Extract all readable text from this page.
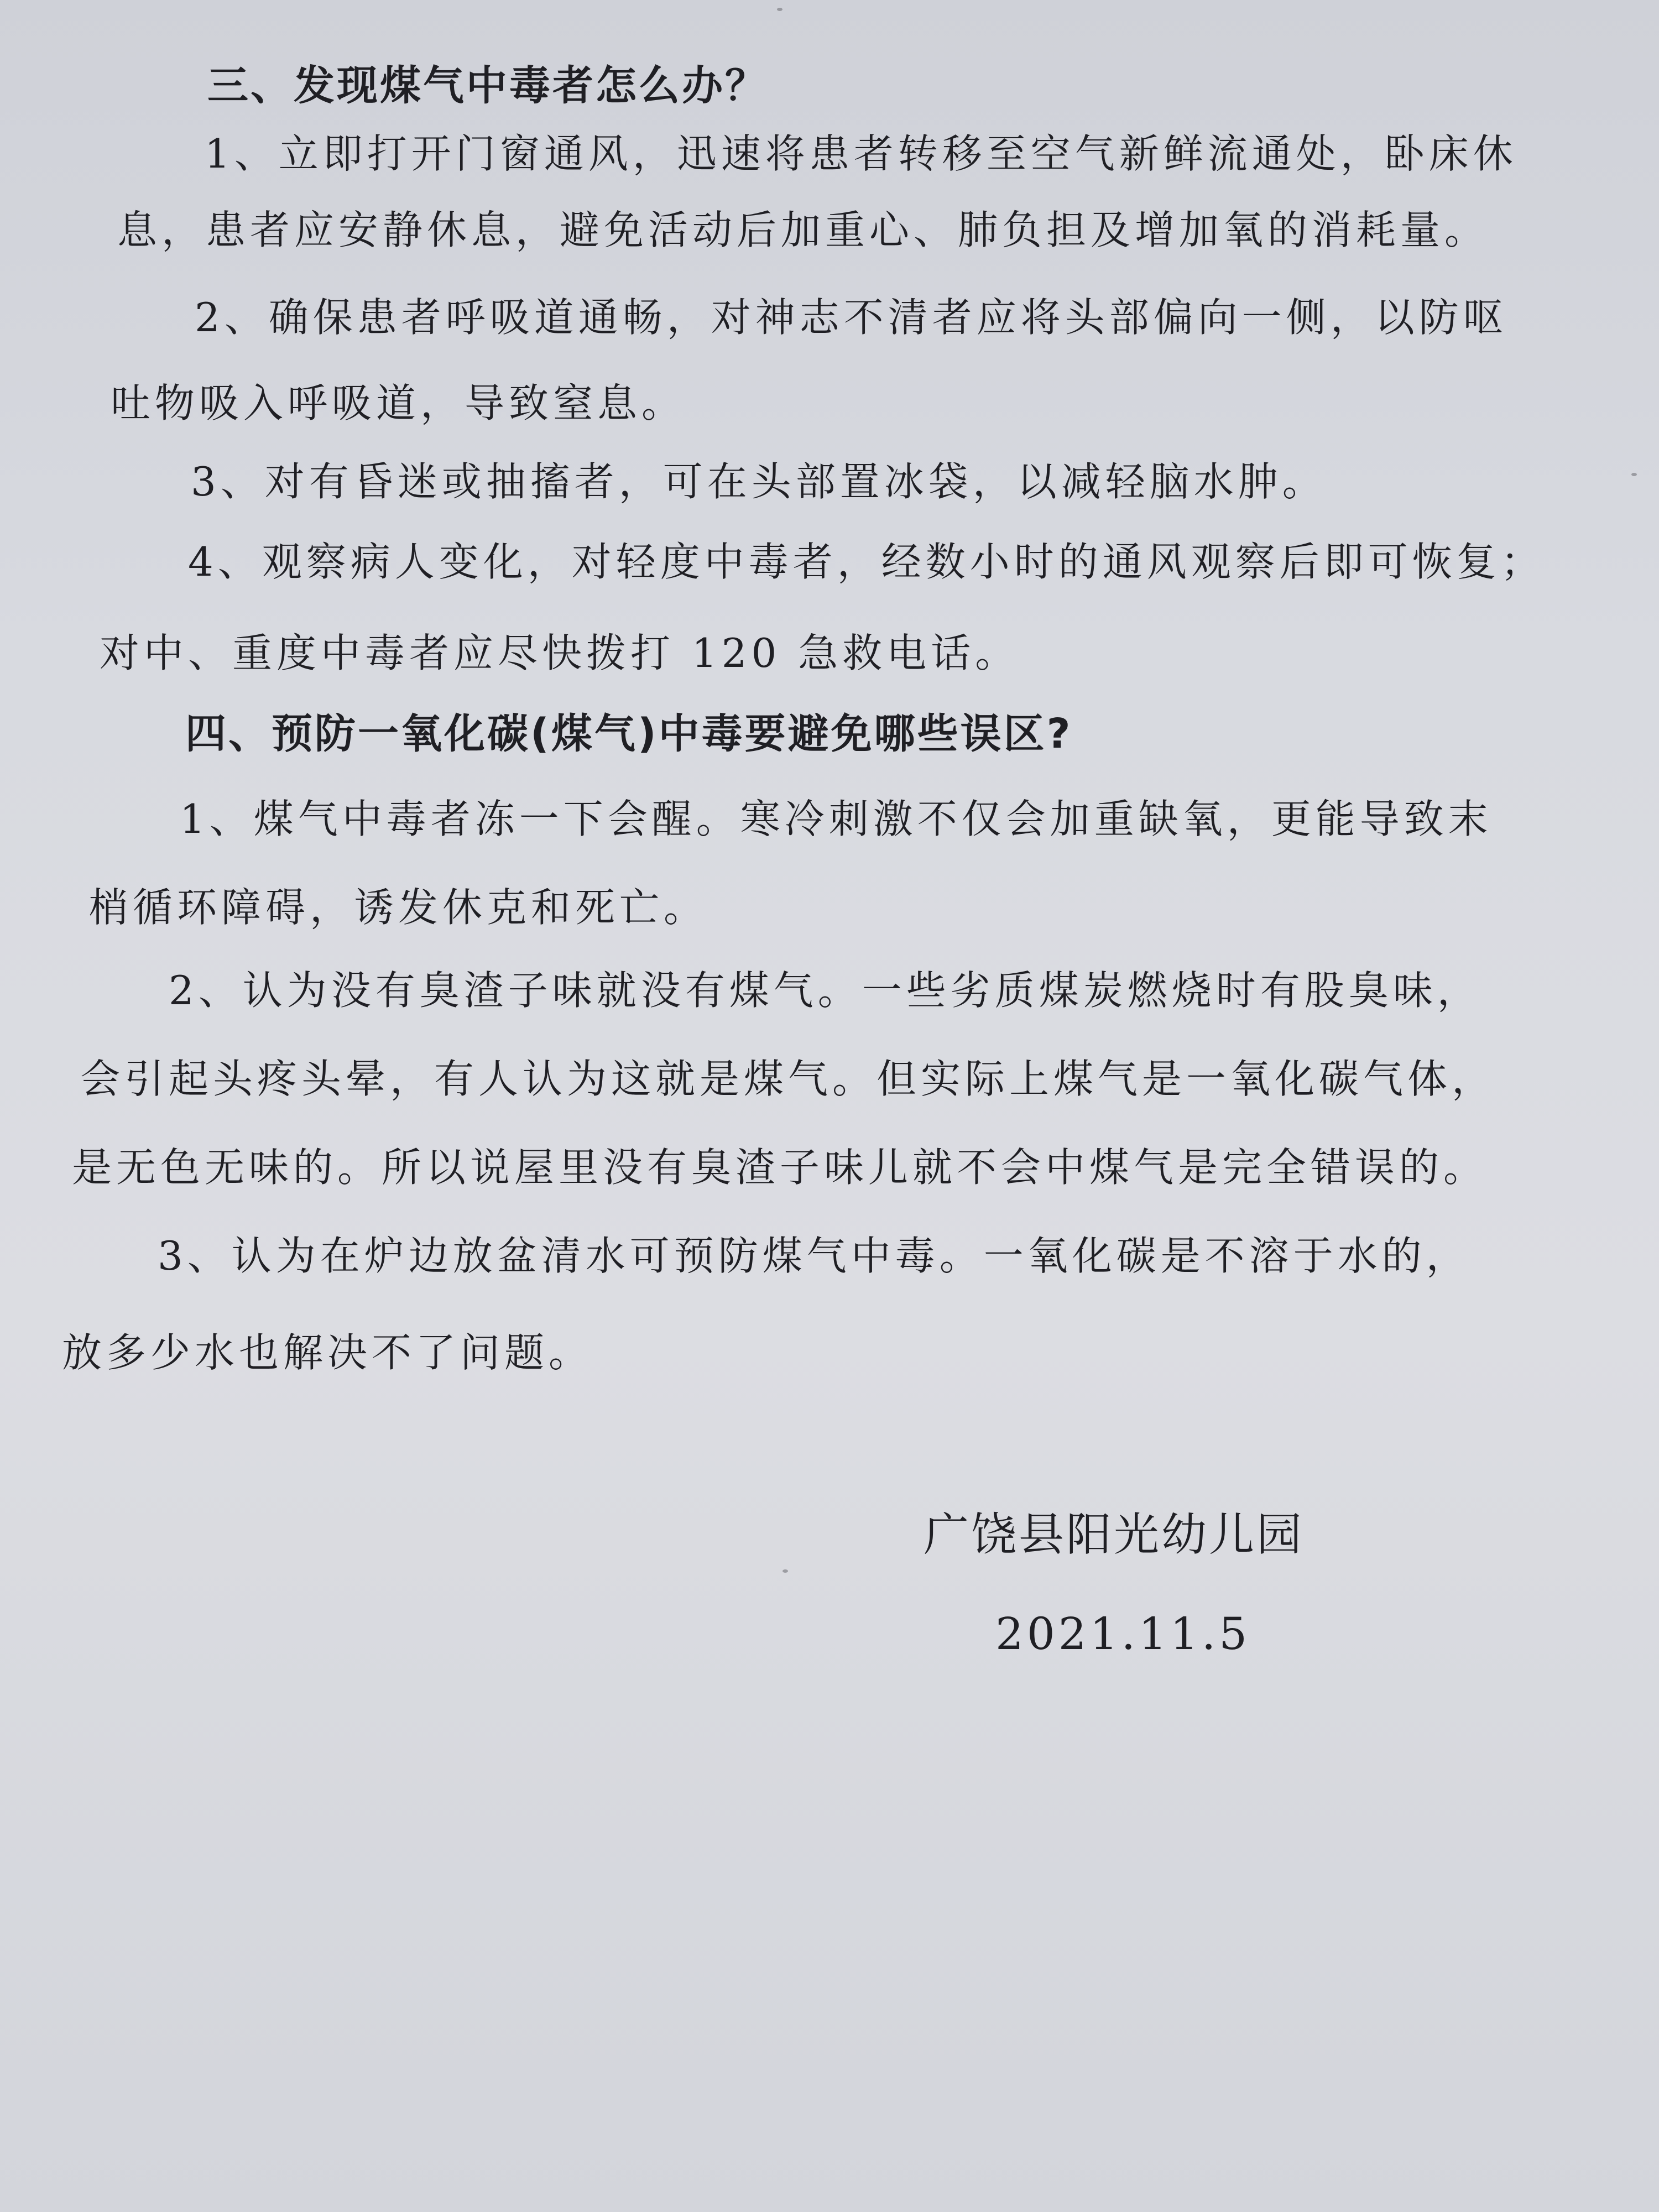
三、发现煤气中毒者怎么办？
1、立即打开门窗通风，迅速将患者转移至空气新鲜流通处，卧床休
息，患者应安静休息，避免活动后加重心、肺负担及增加氧的消耗量。
2、确保患者呼吸道通畅，对神志不清者应将头部偏向一侧，以防呕
吐物吸入呼吸道，导致窒息。
3、对有昏迷或抽搐者，可在头部置冰袋，以减轻脑水肿。
4、观察病人变化，对轻度中毒者，经数小时的通风观察后即可恢复；
对中、重度中毒者应尽快拨打 120 急救电话。
四、预防一氧化碳(煤气)中毒要避免哪些误区?
1、煤气中毒者冻一下会醒。寒冷刺激不仅会加重缺氧，更能导致末
梢循环障碍，诱发休克和死亡。
2、认为没有臭渣子味就没有煤气。一些劣质煤炭燃烧时有股臭味，
会引起头疼头晕，有人认为这就是煤气。但实际上煤气是一氧化碳气体，
是无色无味的。所以说屋里没有臭渣子味儿就不会中煤气是完全错误的。
3、认为在炉边放盆清水可预防煤气中毒。一氧化碳是不溶于水的，
放多少水也解决不了问题。
广饶县阳光幼儿园
2021.11.5
